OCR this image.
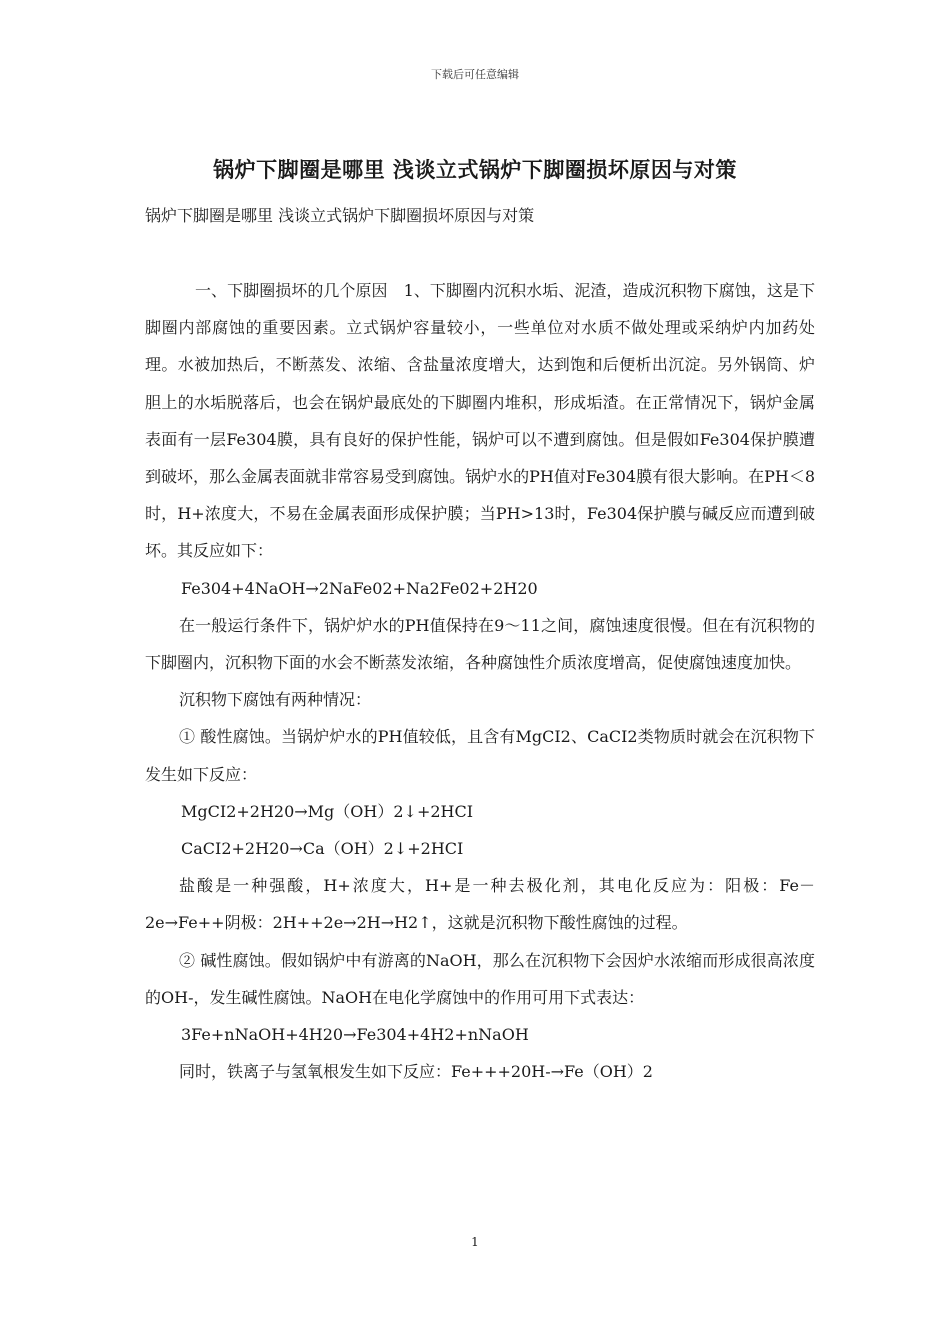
下载后可任意编辑
锅炉下脚圈是哪里 浅谈立式锅炉下脚圈损坏原因与对策
锅炉下脚圈是哪里 浅谈立式锅炉下脚圈损坏原因与对策

一、下脚圈损坏的几个原因　1、下脚圈内沉积水垢、泥渣，造成沉积物下腐蚀，这是下脚圈内部腐蚀的重要因素。立式锅炉容量较小，一些单位对水质不做处理或采纳炉内加药处理。水被加热后，不断蒸发、浓缩、含盐量浓度增大，达到饱和后便析出沉淀。另外锅筒、炉胆上的水垢脱落后，也会在锅炉最底处的下脚圈内堆积，形成垢渣。在正常情况下，锅炉金属表面有一层Fe304膜，具有良好的保护性能，锅炉可以不遭到腐蚀。但是假如Fe304保护膜遭到破坏，那么金属表面就非常容易受到腐蚀。锅炉水的PH值对Fe304膜有很大影响。在PH＜8时，H+浓度大，不易在金属表面形成保护膜；当PH>13时，Fe304保护膜与碱反应而遭到破坏。其反应如下：

Fe304+4NaOH→2NaFe02+Na2Fe02+2H20

在一般运行条件下，锅炉炉水的PH值保持在9～11之间，腐蚀速度很慢。但在有沉积物的下脚圈内，沉积物下面的水会不断蒸发浓缩，各种腐蚀性介质浓度增高，促使腐蚀速度加快。

沉积物下腐蚀有两种情况：

① 酸性腐蚀。当锅炉炉水的PH值较低，且含有MgCI2、CaCI2类物质时就会在沉积物下发生如下反应：

MgCI2+2H20→Mg（OH）2↓+2HCI

CaCI2+2H20→Ca（OH）2↓+2HCI

盐酸是一种强酸，H+浓度大，H+是一种去极化剂，其电化反应为：阳极：Fe－2e→Fe++阴极：2H++2e→2H→H2↑，这就是沉积物下酸性腐蚀的过程。

② 碱性腐蚀。假如锅炉中有游离的NaOH，那么在沉积物下会因炉水浓缩而形成很高浓度的OH-，发生碱性腐蚀。NaOH在电化学腐蚀中的作用可用下式表达：

3Fe+nNaOH+4H20→Fe304+4H2+nNaOH

同时，铁离子与氢氧根发生如下反应：Fe+++20H-→Fe（OH）2

1
